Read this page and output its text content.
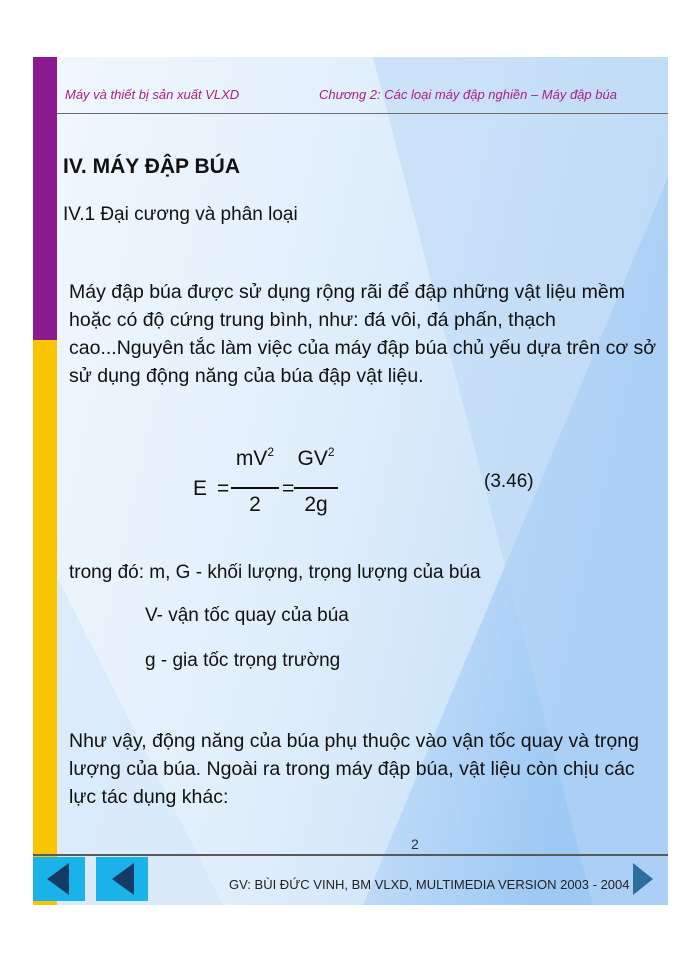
Máy và thiết bị sản xuất VLXD	Chương 2: Các loại máy đập nghiền – Máy đập búa
IV. MÁY ĐẬP BÚA
IV.1 Đại cương và phân loại
Máy đập búa được sử dụng rộng rãi để đập những vật liệu mềm hoặc có độ cứng trung bình, như: đá vôi, đá phấn, thạch cao...Nguyên tắc làm việc của máy đập búa chủ yếu dựa trên cơ sở sử dụng động năng của búa đập vật liệu.
E =
$mV^2$
2
=
$GV^2$
2g
(3.46)
trong đó: m, G - khối lượng, trọng lượng của búa
V- vận tốc quay của búa
g - gia tốc trọng trường
Như vậy, động năng của búa phụ thuộc vào vận tốc quay và trọng lượng của búa. Ngoài ra trong máy đập búa, vật liệu còn chịu các lực tác dụng khác:
2
GV: BÙI ĐỨC VINH, BM VLXD, MULTIMEDIA VERSION 2003 - 2004
